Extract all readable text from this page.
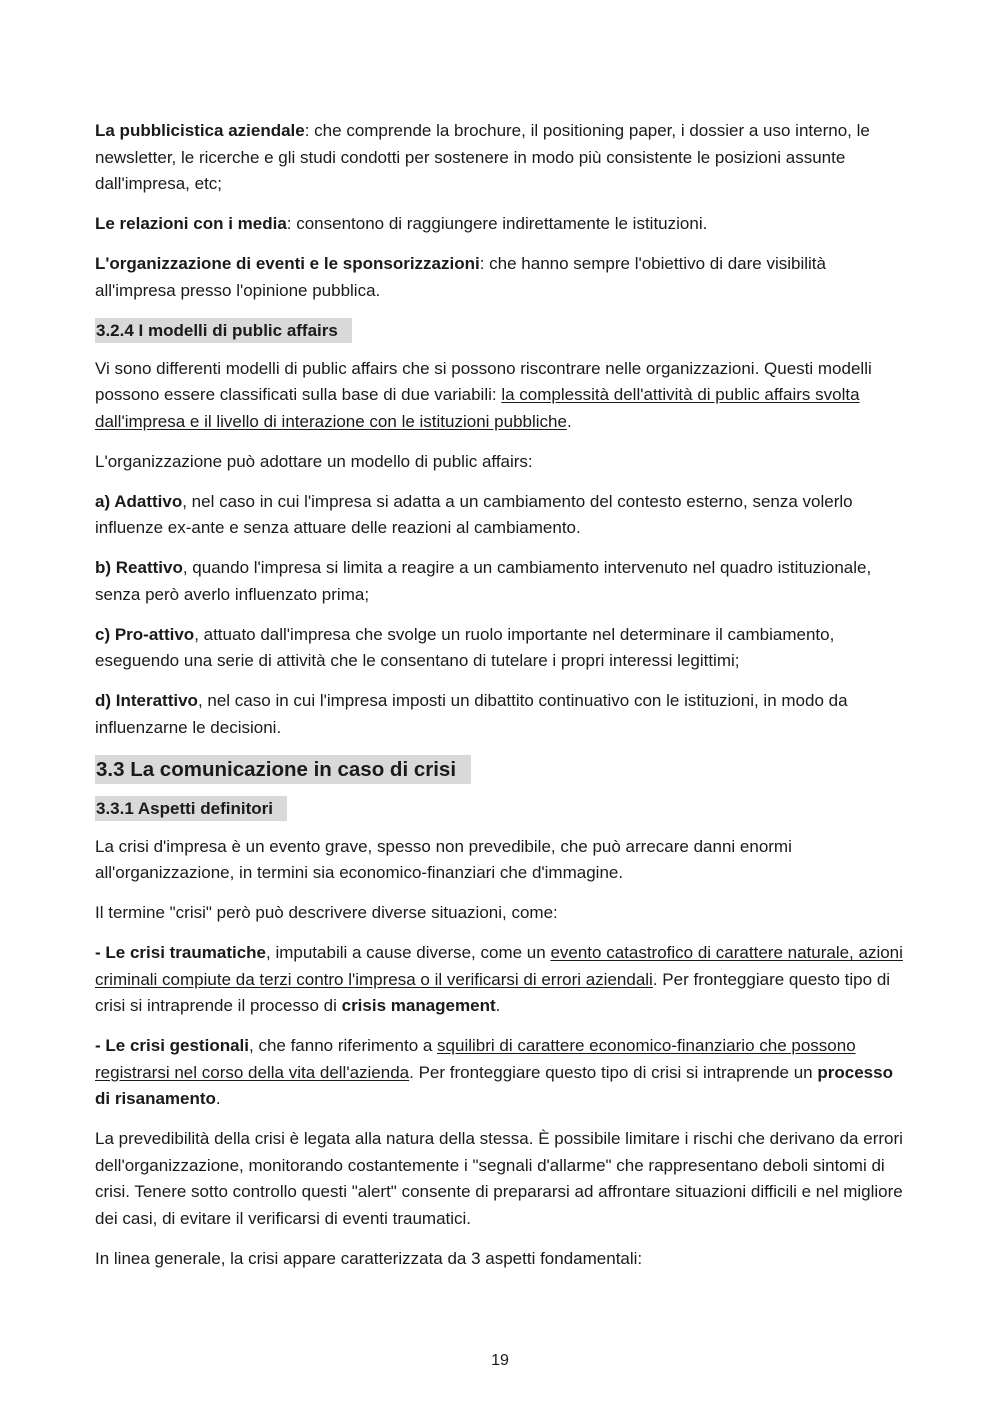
La pubblicistica aziendale: che comprende la brochure, il positioning paper, i dossier a uso interno, le newsletter, le ricerche e gli studi condotti per sostenere in modo più consistente le posizioni assunte dall'impresa, etc;

Le relazioni con i media: consentono di raggiungere indirettamente le istituzioni.

L'organizzazione di eventi e le sponsorizzazioni: che hanno sempre l'obiettivo di dare visibilità all'impresa presso l'opinione pubblica.

3.2.4 I modelli di public affairs

Vi sono differenti modelli di public affairs che si possono riscontrare nelle organizzazioni. Questi modelli possono essere classificati sulla base di due variabili: la complessità dell'attività di public affairs svolta dall'impresa e il livello di interazione con le istituzioni pubbliche.

L'organizzazione può adottare un modello di public affairs:

a) Adattivo, nel caso in cui l'impresa si adatta a un cambiamento del contesto esterno, senza volerlo influenze ex-ante e senza attuare delle reazioni al cambiamento.

b) Reattivo, quando l'impresa si limita a reagire a un cambiamento intervenuto nel quadro istituzionale, senza però averlo influenzato prima;

c) Pro-attivo, attuato dall'impresa che svolge un ruolo importante nel determinare il cambiamento, eseguendo una serie di attività che le consentano di tutelare i propri interessi legittimi;

d) Interattivo, nel caso in cui l'impresa imposti un dibattito continuativo con le istituzioni, in modo da influenzarne le decisioni.

3.3 La comunicazione in caso di crisi
3.3.1 Aspetti definitori

La crisi d'impresa è un evento grave, spesso non prevedibile, che può arrecare danni enormi all'organizzazione, in termini sia economico-finanziari che d'immagine.

Il termine "crisi" però può descrivere diverse situazioni, come:

- Le crisi traumatiche, imputabili a cause diverse, come un evento catastrofico di carattere naturale, azioni criminali compiute da terzi contro l'impresa o il verificarsi di errori aziendali. Per fronteggiare questo tipo di crisi si intraprende il processo di crisis management.

- Le crisi gestionali, che fanno riferimento a squilibri di carattere economico-finanziario che possono registrarsi nel corso della vita dell'azienda. Per fronteggiare questo tipo di crisi si intraprende un processo di risanamento.

La prevedibilità della crisi è legata alla natura della stessa. È possibile limitare i rischi che derivano da errori dell'organizzazione, monitorando costantemente i "segnali d'allarme" che rappresentano deboli sintomi di crisi. Tenere sotto controllo questi "alert" consente di prepararsi ad affrontare situazioni difficili e nel migliore dei casi, di evitare il verificarsi di eventi traumatici.

In linea generale, la crisi appare caratterizzata da 3 aspetti fondamentali:

19
